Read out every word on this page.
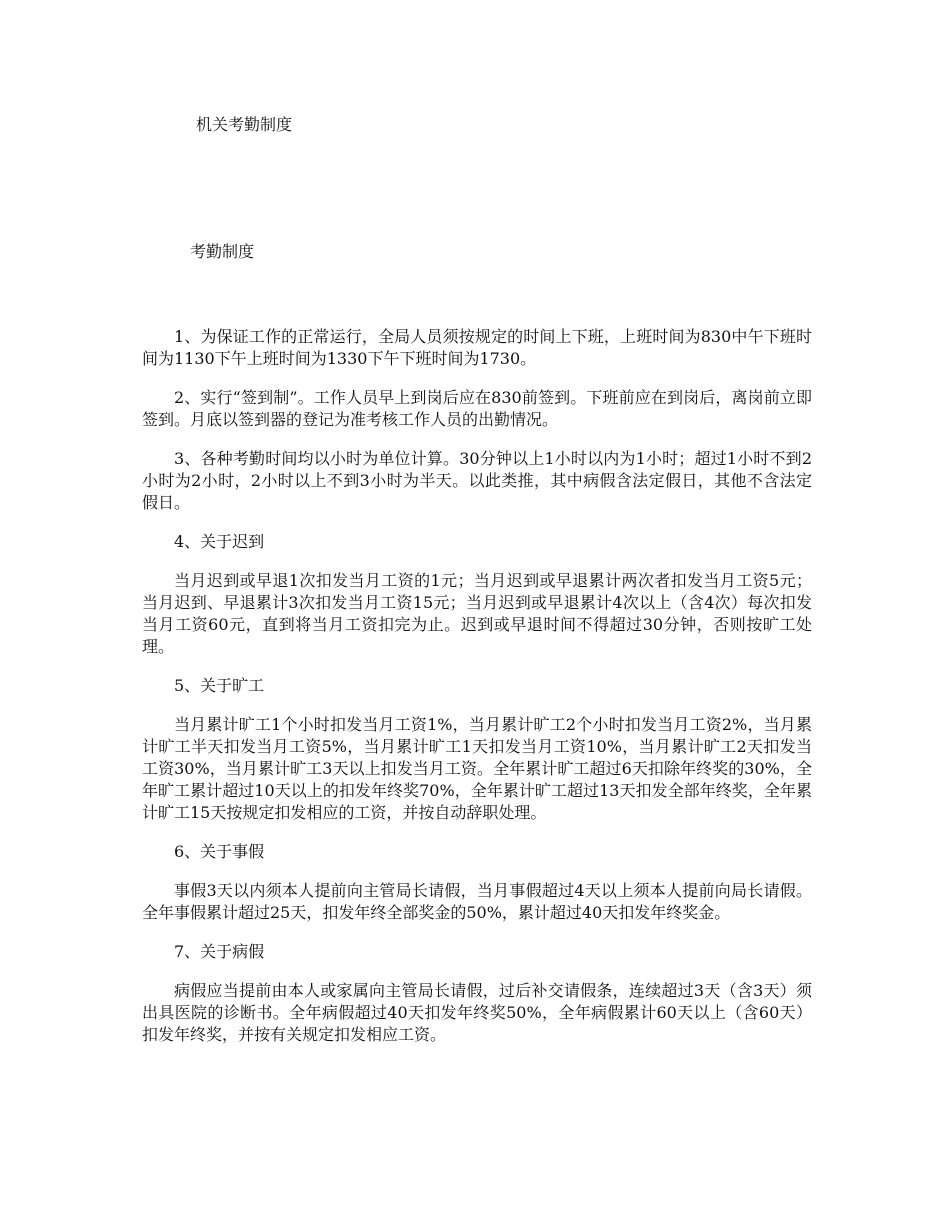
机关考勤制度
考勤制度

1、为保证工作的正常运行，全局人员须按规定的时间上下班，上班时间为830中午下班时间为1130下午上班时间为1330下午下班时间为1730。

2、实行“签到制”。工作人员早上到岗后应在830前签到。下班前应在到岗后，离岗前立即签到。月底以签到器的登记为准考核工作人员的出勤情况。

3、各种考勤时间均以小时为单位计算。30分钟以上1小时以内为1小时；超过1小时不到2小时为2小时，2小时以上不到3小时为半天。以此类推，其中病假含法定假日，其他不含法定假日。

4、关于迟到

当月迟到或早退1次扣发当月工资的1元；当月迟到或早退累计两次者扣发当月工资5元；当月迟到、早退累计3次扣发当月工资15元；当月迟到或早退累计4次以上（含4次）每次扣发当月工资60元，直到将当月工资扣完为止。迟到或早退时间不得超过30分钟，否则按旷工处理。

5、关于旷工

当月累计旷工1个小时扣发当月工资1%，当月累计旷工2个小时扣发当月工资2%，当月累计旷工半天扣发当月工资5%，当月累计旷工1天扣发当月工资10%，当月累计旷工2天扣发当工资30%，当月累计旷工3天以上扣发当月工资。全年累计旷工超过6天扣除年终奖的30%，全年旷工累计超过10天以上的扣发年终奖70%，全年累计旷工超过13天扣发全部年终奖，全年累计旷工15天按规定扣发相应的工资，并按自动辞职处理。

6、关于事假

事假3天以内须本人提前向主管局长请假，当月事假超过4天以上须本人提前向局长请假。全年事假累计超过25天，扣发年终全部奖金的50%，累计超过40天扣发年终奖金。

7、关于病假

病假应当提前由本人或家属向主管局长请假，过后补交请假条，连续超过3天（含3天）须出具医院的诊断书。全年病假超过40天扣发年终奖50%，全年病假累计60天以上（含60天）扣发年终奖，并按有关规定扣发相应工资。
